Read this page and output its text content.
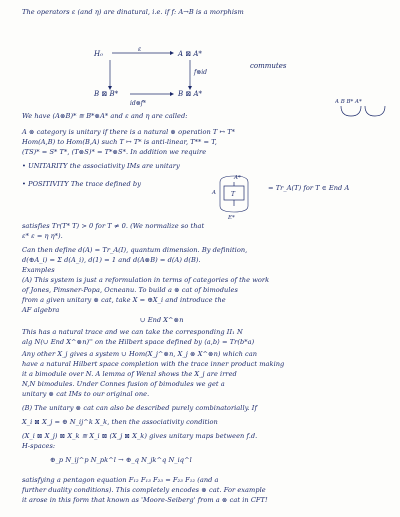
The operators ε (and η) are dinatural, i.e. if f: A→B is a morphism
H₀
ε
A ⊠ A*
f⊗id
B ⊠ B*	B ⊠ A*
id⊗f*
commutes
We have (A⊗B)* ≅ B*⊗A* and ε and η are called:
A B B* A*
A ⊗ category is unitary if there is a natural ⊗ operation T ↦ T*
Hom(A,B) to Hom(B,A) such T ↦ T* is anti-linear, T** = T,
(TS)* = S* T*, (T⊗S)* = T*⊗S*. In addition we require
• UNITARITY the associativity IMs are unitary
• POSITIVITY The trace defined by
A*
A	T
E*
= Tr_A(T) for T ∈ End A
satisfies Tr(T* T) > 0 for T ≠ 0. (We normalize so that
ε* ε = η η*).
Can then define d(A) = Tr_A(I), quantum dimension. By definition,
d(⊕A_i) = Σ d(A_i), d(1) = 1 and d(A⊗B) = d(A) d(B).
Examples
(A) This system is just a reformulation in terms of categories of the work
of Jones, Pimsner-Popa, Ocneanu. To build a ⊗ cat of bimodules
from a given unitary ⊗ cat, take X = ⊕X_i and introduce the
AF algebra
∪ End X^⊗n
This has a natural trace and we can take the corresponding II₁ N
alg N(∪ End X^⊗n)'' on the Hilbert space defined by ⟨a,b⟩ = Tr(b*a)
Any other X_j gives a system ∪ Hom(X_j^⊗n, X_j ⊗ X^⊗n) which can
have a natural Hilbert space completion with the trace inner product making
it a bimodule over N. A lemma of Wenzl shows the X_j are irred
N,N bimodules. Under Connes fusion of bimodules we get a
unitary ⊗ cat IMs to our original one.
(B) The unitary ⊗ cat can also be described purely combinatorially. If
X_i ⊠ X_j = ⊕ N_ij^k X_k, then the associativity condition
(X_i ⊠ X_j) ⊠ X_k ≅ X_i ⊠ (X_j ⊠ X_k) gives unitary maps between f.d.
H-spaces:
⊕_p N_ij^p N_pk^l → ⊕_q N_jk^q N_iq^l
satisfying a pentagon equation F₁₂ F₁₃ F₂₃ = F₂₃ F₁₂ (and a
further duality conditions). This completely encodes ⊗ cat. For example
it arose in this form that known as 'Moore-Seiberg' from a ⊗ cat in CFT!
